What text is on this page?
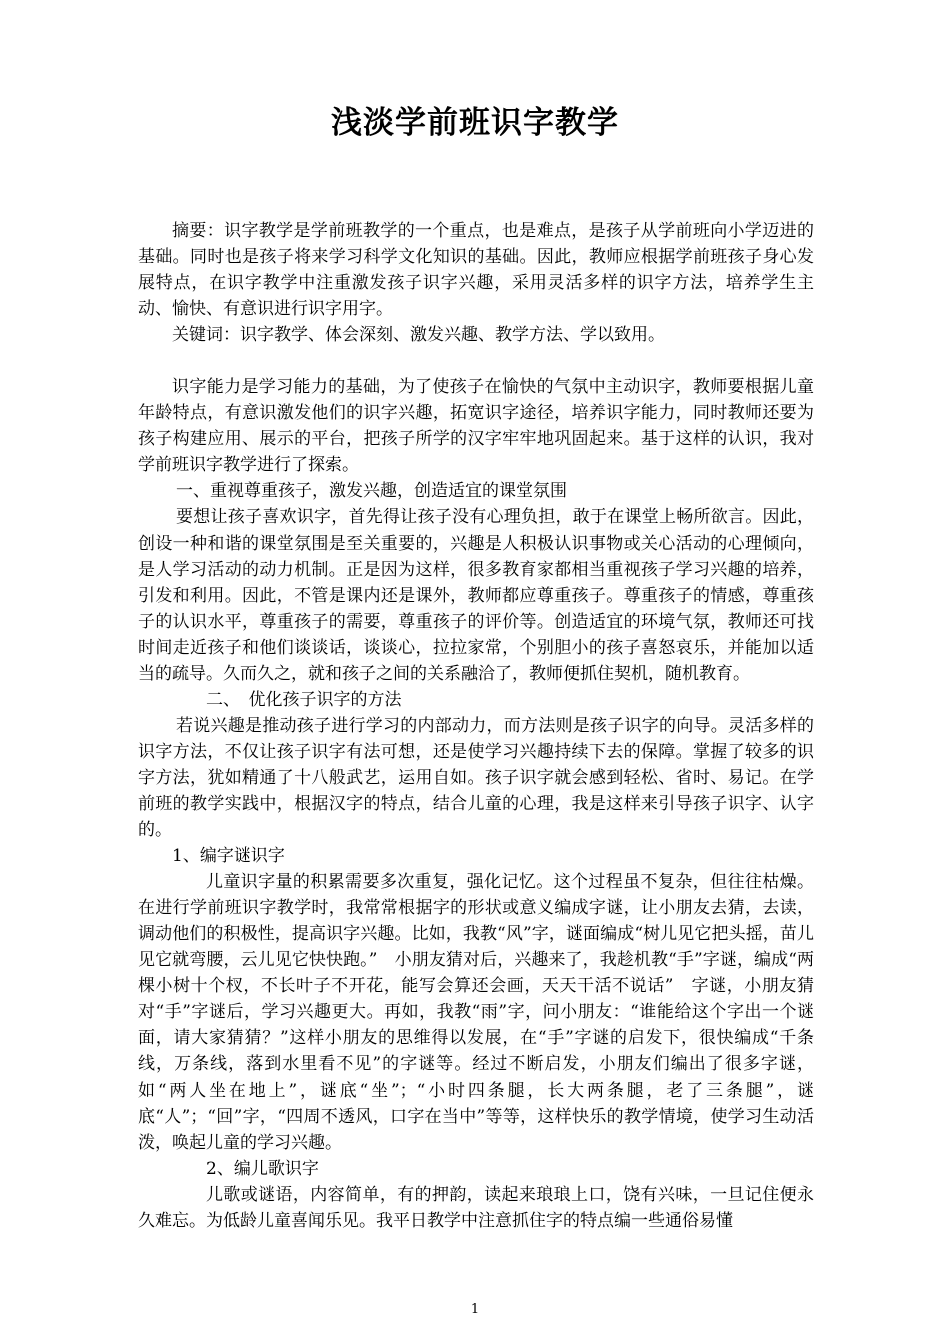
浅淡学前班识字教学

摘要：识字教学是学前班教学的一个重点，也是难点，是孩子从学前班向小学迈进的基础。同时也是孩子将来学习科学文化知识的基础。因此，教师应根据学前班孩子身心发展特点，在识字教学中注重激发孩子识字兴趣，采用灵活多样的识字方法，培养学生主动、愉快、有意识进行识字用字。

关键词：识字教学、体会深刻、激发兴趣、教学方法、学以致用。

识字能力是学习能力的基础，为了使孩子在愉快的气氛中主动识字，教师要根据儿童年龄特点，有意识激发他们的识字兴趣，拓宽识字途径，培养识字能力，同时教师还要为孩子构建应用、展示的平台，把孩子所学的汉字牢牢地巩固起来。基于这样的认识，我对学前班识字教学进行了探索。

一、重视尊重孩子，激发兴趣，创造适宜的课堂氛围

要想让孩子喜欢识字，首先得让孩子没有心理负担，敢于在课堂上畅所欲言。因此，创设一种和谐的课堂氛围是至关重要的，兴趣是人积极认识事物或关心活动的心理倾向，是人学习活动的动力机制。正是因为这样，很多教育家都相当重视孩子学习兴趣的培养，引发和利用。因此，不管是课内还是课外，教师都应尊重孩子。尊重孩子的情感，尊重孩子的认识水平，尊重孩子的需要，尊重孩子的评价等。创造适宜的环境气氛，教师还可找时间走近孩子和他们谈谈话，谈谈心，拉拉家常，个别胆小的孩子喜怒哀乐，并能加以适当的疏导。久而久之，就和孩子之间的关系融洽了，教师便抓住契机，随机教育。

二、　优化孩子识字的方法

若说兴趣是推动孩子进行学习的内部动力，而方法则是孩子识字的向导。灵活多样的识字方法，不仅让孩子识字有法可想，还是使学习兴趣持续下去的保障。掌握了较多的识字方法，犹如精通了十八般武艺，运用自如。孩子识字就会感到轻松、省时、易记。在学前班的教学实践中，根据汉字的特点，结合儿童的心理，我是这样来引导孩子识字、认字的。

1、编字谜识字

儿童识字量的积累需要多次重复，强化记忆。这个过程虽不复杂，但往往枯燥。在进行学前班识字教学时，我常常根据字的形状或意义编成字谜，让小朋友去猜，去读，调动他们的积极性，提高识字兴趣。比如，我教“风”字，谜面编成“树儿见它把头摇，苗儿见它就弯腰，云儿见它快快跑。”　小朋友猜对后，兴趣来了，我趁机教“手”字谜，编成“两棵小树十个杈，不长叶子不开花，能写会算还会画，天天干活不说话”　字谜，小朋友猜对“手”字谜后，学习兴趣更大。再如，我教“雨”字，问小朋友：“谁能给这个字出一个谜面，请大家猜猜？”这样小朋友的思维得以发展，在“手”字谜的启发下，很快编成“千条线，万条线，落到水里看不见”的字谜等。经过不断启发，小朋友们编出了很多字谜，如“两人坐在地上”，谜底“坐”；“小时四条腿，长大两条腿，老了三条腿”，谜底“人”；“回”字，“四周不透风，口字在当中”等等，这样快乐的教学情境，使学习生动活泼，唤起儿童的学习兴趣。

2、编儿歌识字

儿歌或谜语，内容简单，有的押韵，读起来琅琅上口，饶有兴味，一旦记住便永久难忘。为低龄儿童喜闻乐见。我平日教学中注意抓住字的特点编一些通俗易懂

1
